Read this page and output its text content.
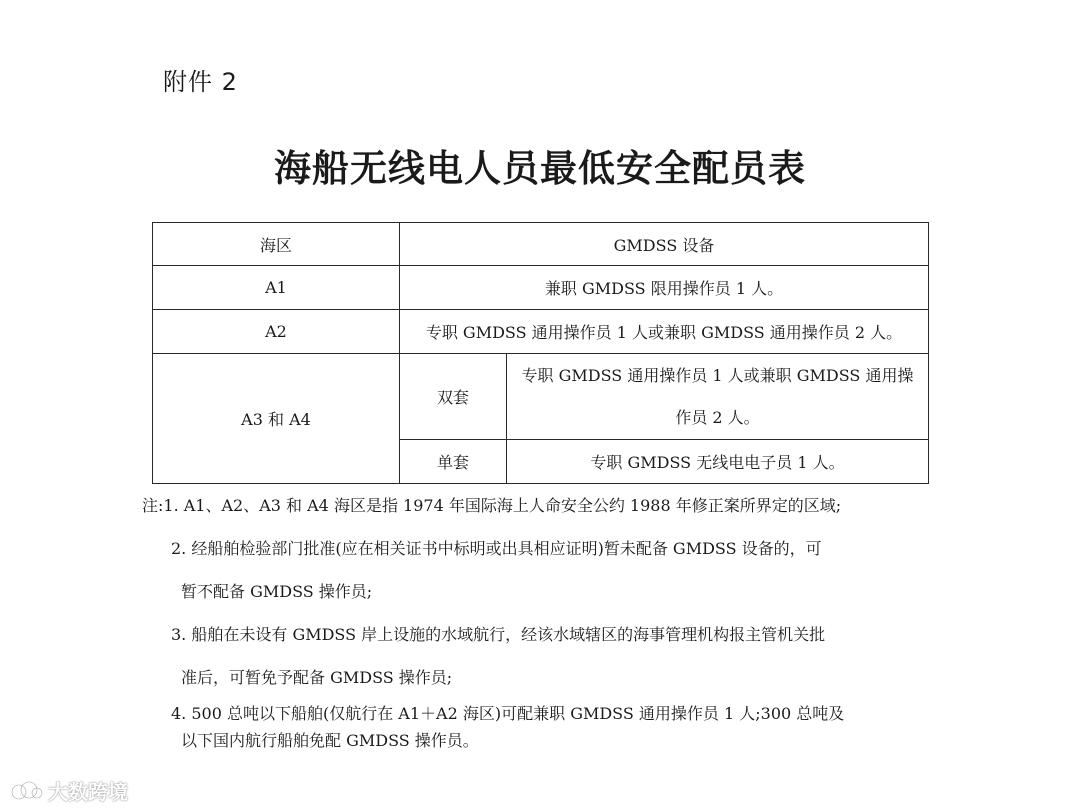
附件 2
海船无线电人员最低安全配员表
海区	GMDSS 设备	
A1	兼职 GMDSS 限用操作员 1 人。	
A2	专职 GMDSS 通用操作员 1 人或兼职 GMDSS 通用操作员 2 人。	
A3 和 A4	双套	专职 GMDSS 通用操作员 1 人或兼职 GMDSS 通用操作员 2 人。
	单套	专职 GMDSS 无线电电子员 1 人。
注:1. A1、A2、A3 和 A4 海区是指 1974 年国际海上人命安全公约 1988 年修正案所界定的区域;
2. 经船舶检验部门批准(应在相关证书中标明或出具相应证明)暂未配备 GMDSS 设备的，可
暂不配备 GMDSS 操作员;
3. 船舶在未设有 GMDSS 岸上设施的水域航行，经该水域辖区的海事管理机构报主管机关批
准后，可暂免予配备 GMDSS 操作员;
4. 500 总吨以下船舶(仅航行在 A1＋A2 海区)可配兼职 GMDSS 通用操作员 1 人;300 总吨及
以下国内航行船舶免配 GMDSS 操作员。
大数跨境
